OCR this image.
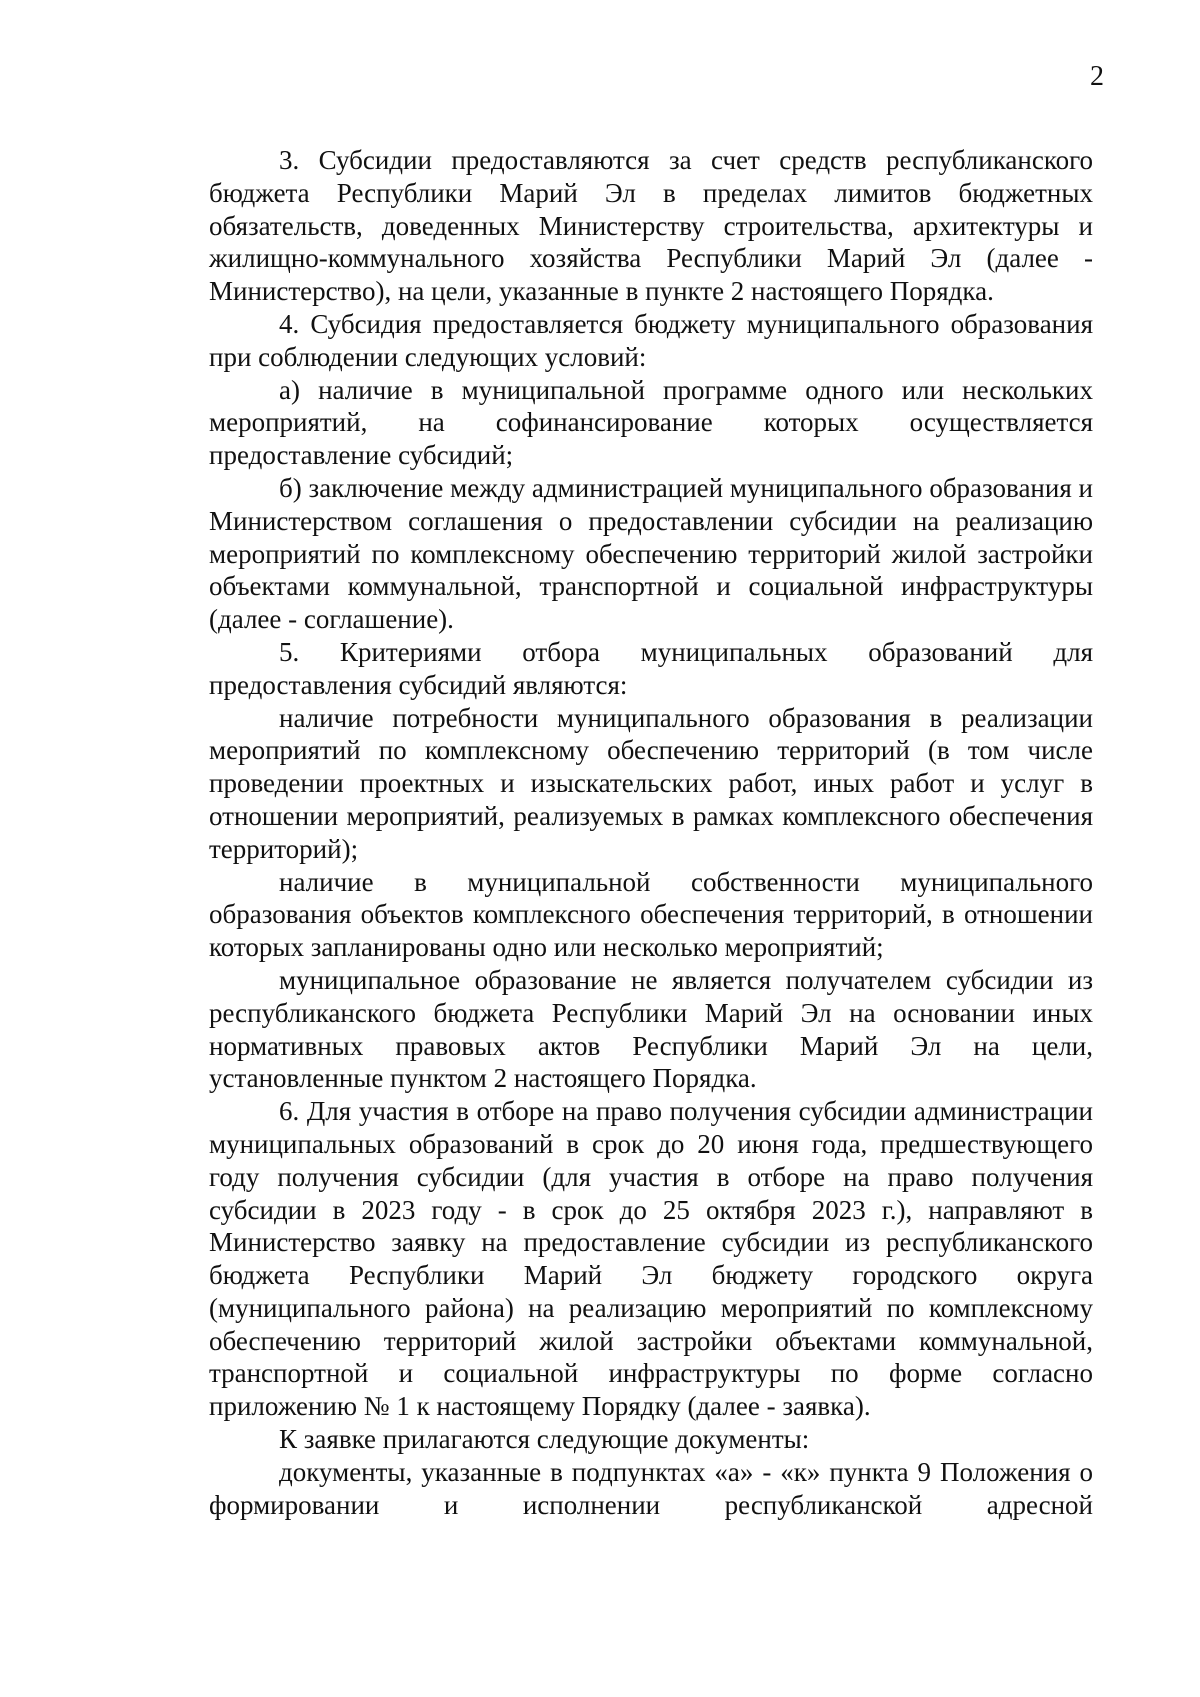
2

3. Субсидии предоставляются за счет средств республиканского бюджета Республики Марий Эл в пределах лимитов бюджетных обязательств, доведенных Министерству строительства, архитектуры и жилищно-коммунального хозяйства Республики Марий Эл (далее - Министерство), на цели, указанные в пункте 2 настоящего Порядка.

4. Субсидия предоставляется бюджету муниципального образования при соблюдении следующих условий:

а) наличие в муниципальной программе одного или нескольких мероприятий, на софинансирование которых осуществляется предоставление субсидий;

б) заключение между администрацией муниципального образования и Министерством соглашения о предоставлении субсидии на реализацию мероприятий по комплексному обеспечению территорий жилой застройки объектами коммунальной, транспортной и социальной инфраструктуры (далее - соглашение).

5. Критериями отбора муниципальных образований для предоставления субсидий являются:

наличие потребности муниципального образования в реализации мероприятий по комплексному обеспечению территорий (в том числе проведении проектных и изыскательских работ, иных работ и услуг в отношении мероприятий, реализуемых в рамках комплексного обеспечения территорий);

наличие в муниципальной собственности муниципального образования объектов комплексного обеспечения территорий, в отношении которых запланированы одно или несколько мероприятий;

муниципальное образование не является получателем субсидии из республиканского бюджета Республики Марий Эл на основании иных нормативных правовых актов Республики Марий Эл на цели, установленные пунктом 2 настоящего Порядка.

6. Для участия в отборе на право получения субсидии администрации муниципальных образований в срок до 20 июня года, предшествующего году получения субсидии (для участия в отборе на право получения субсидии в 2023 году - в срок до 25 октября 2023 г.), направляют в Министерство заявку на предоставление субсидии из республиканского бюджета Республики Марий Эл бюджету городского округа (муниципального района) на реализацию мероприятий по комплексному обеспечению территорий жилой застройки объектами коммунальной, транспортной и социальной инфраструктуры по форме согласно приложению № 1 к настоящему Порядку (далее - заявка).

К заявке прилагаются следующие документы:

документы, указанные в подпунктах «а» - «к» пункта 9 Положения о формировании и исполнении республиканской адресной
